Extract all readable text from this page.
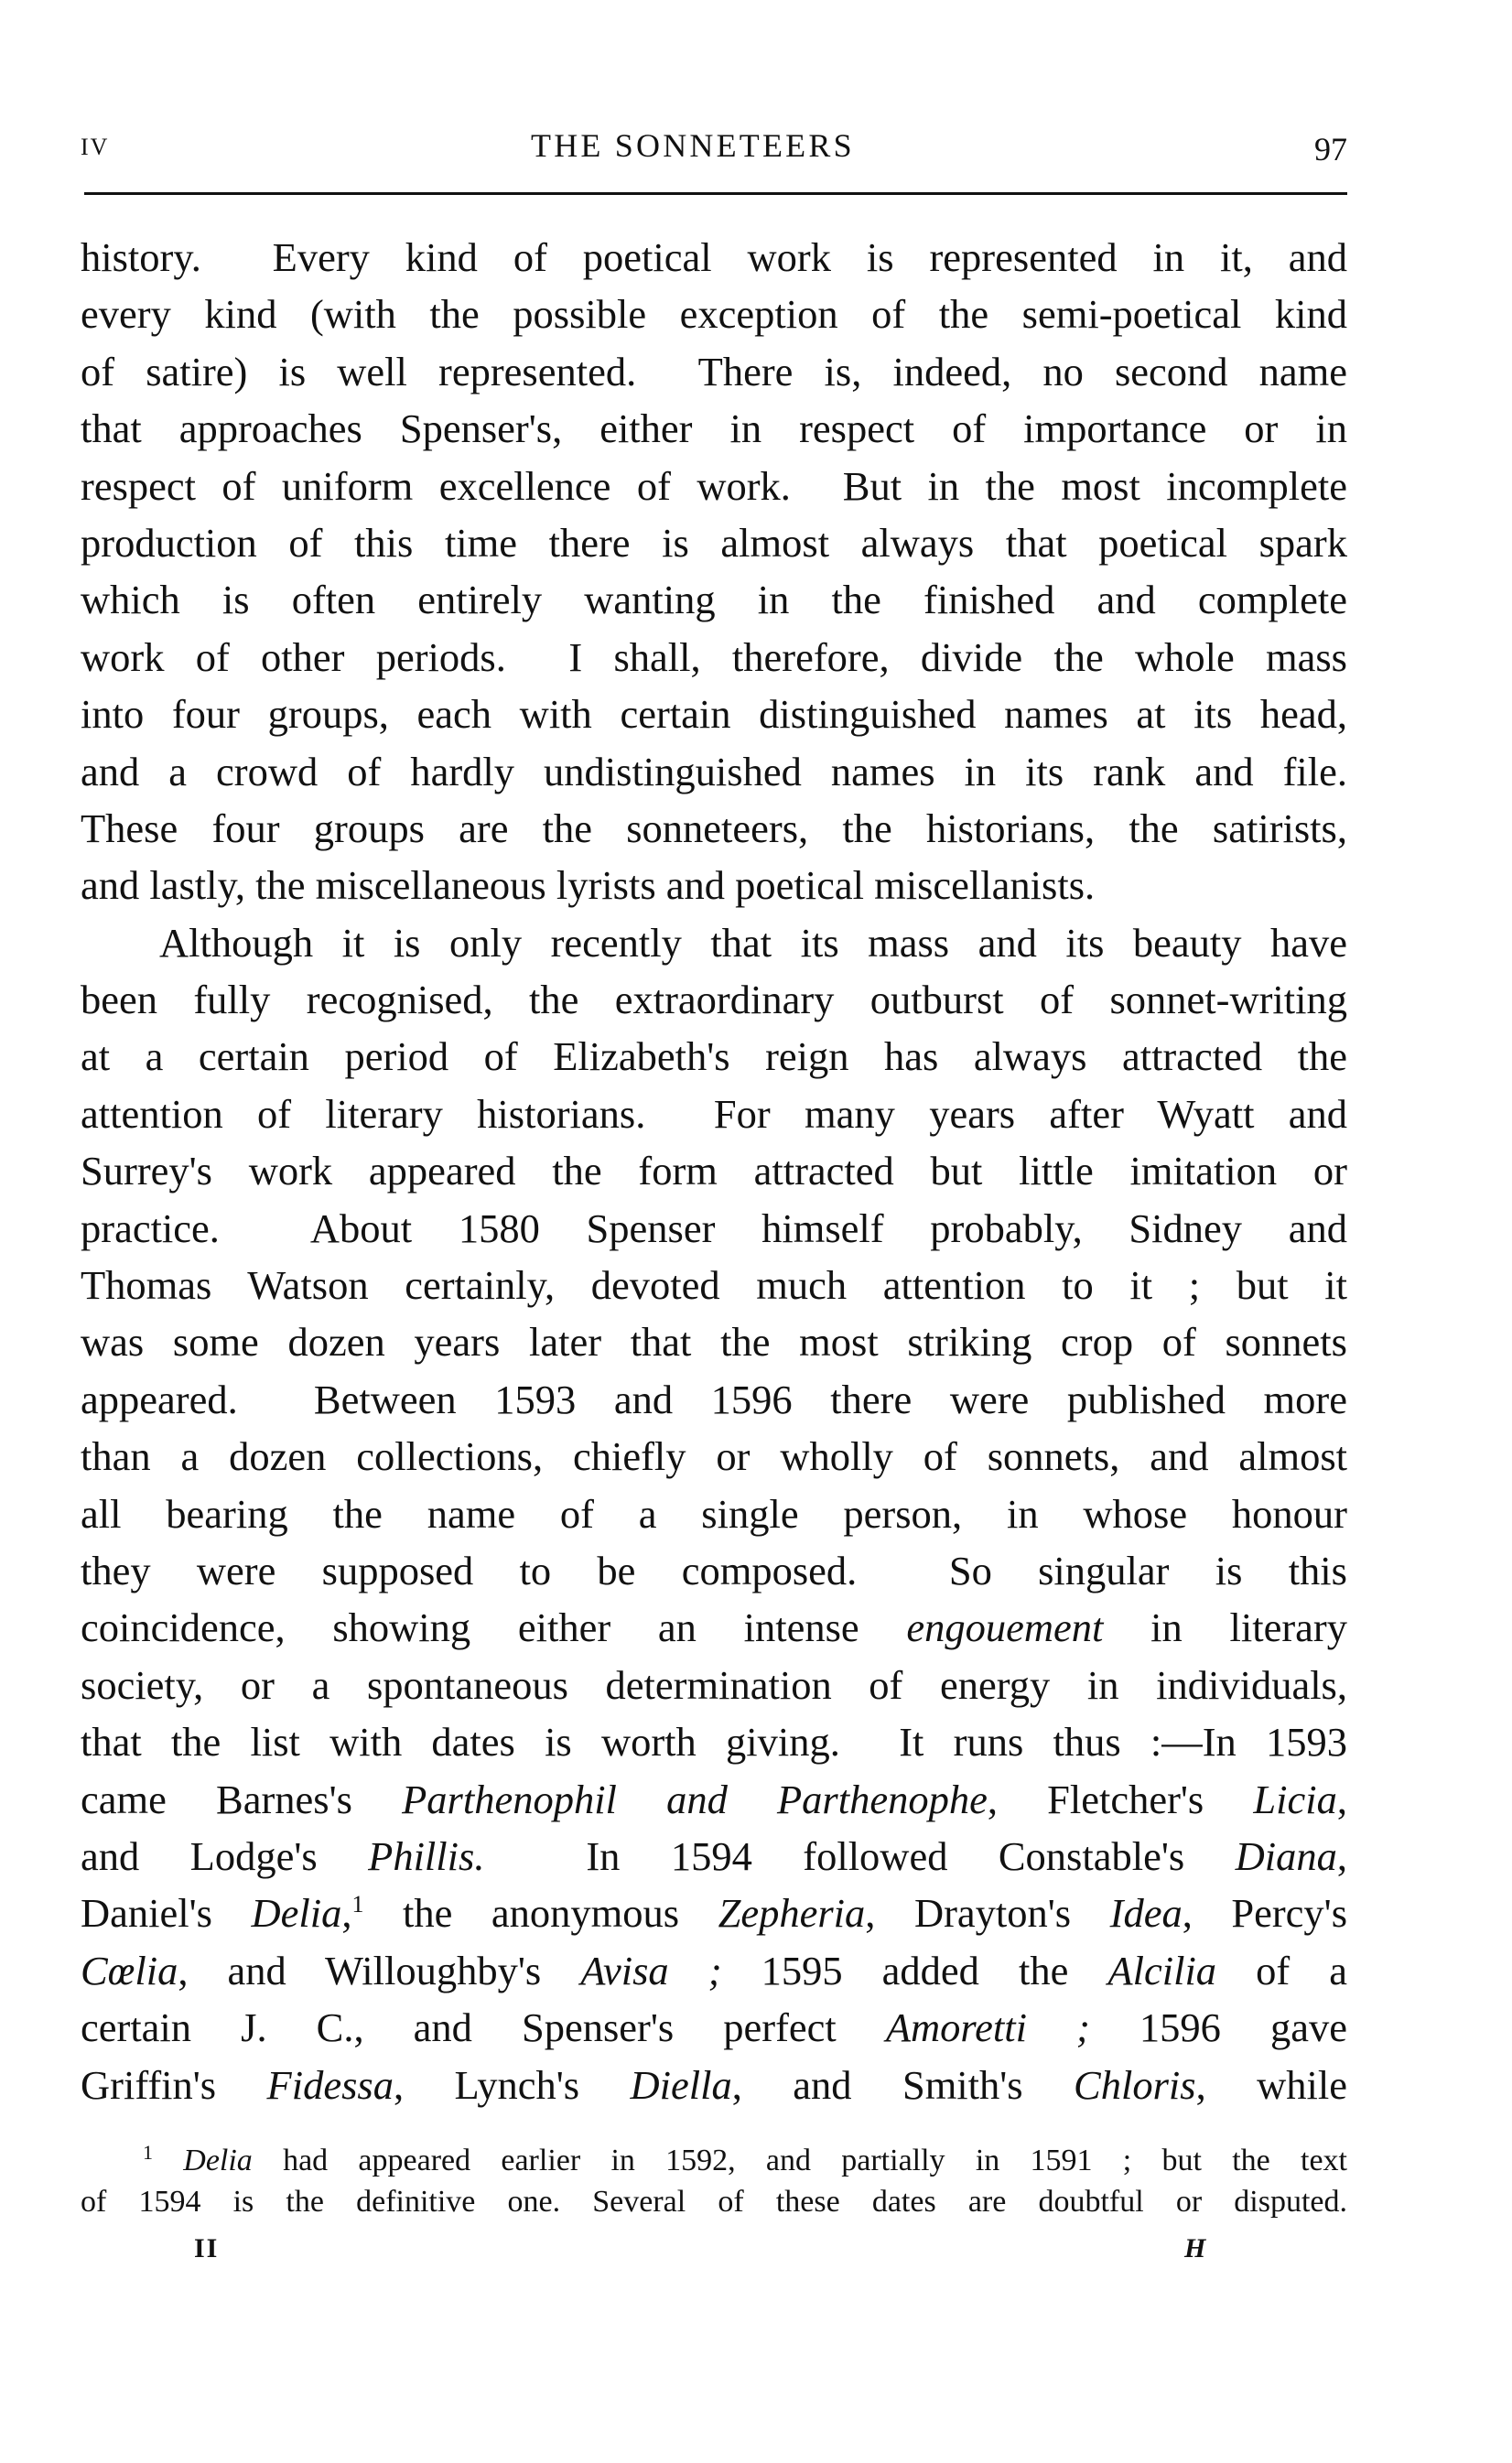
IV	THE SONNETEERS	97
history.  Every kind of poetical work is represented in it, and
every kind (with the possible exception of the semi-poetical kind
of satire) is well represented.  There is, indeed, no second name
that approaches Spenser's, either in respect of importance or in
respect of uniform excellence of work.  But in the most incomplete
production of this time there is almost always that poetical spark
which is often entirely wanting in the finished and complete
work of other periods.  I shall, therefore, divide the whole mass
into four groups, each with certain distinguished names at its head,
and a crowd of hardly undistinguished names in its rank and file.
These four groups are the sonneteers, the historians, the satirists,
and lastly, the miscellaneous lyrists and poetical miscellanists.
Although it is only recently that its mass and its beauty have
been fully recognised, the extraordinary outburst of sonnet-writing
at a certain period of Elizabeth's reign has always attracted the
attention of literary historians.  For many years after Wyatt and
Surrey's work appeared the form attracted but little imitation or
practice.  About 1580 Spenser himself probably, Sidney and
Thomas Watson certainly, devoted much attention to it ; but it
was some dozen years later that the most striking crop of sonnets
appeared.  Between 1593 and 1596 there were published more
than a dozen collections, chiefly or wholly of sonnets, and almost
all bearing the name of a single person, in whose honour
they were supposed to be composed.  So singular is this
coincidence, showing either an intense engouement in literary
society, or a spontaneous determination of energy in individuals,
that the list with dates is worth giving.  It runs thus :—In 1593
came Barnes's Parthenophil and Parthenophe, Fletcher's Licia,
and Lodge's Phillis.  In 1594 followed Constable's Diana,
Daniel's Delia,$^1$ the anonymous Zepheria, Drayton's Idea, Percy's
Cœlia, and Willoughby's Avisa ; 1595 added the Alcilia of a
certain J. C., and Spenser's perfect Amoretti ; 1596 gave
Griffin's Fidessa, Lynch's Diella, and Smith's Chloris, while
$^1$ Delia had appeared earlier in 1592, and partially in 1591 ; but the text
of 1594 is the definitive one. Several of these dates are doubtful or disputed.
II	H
